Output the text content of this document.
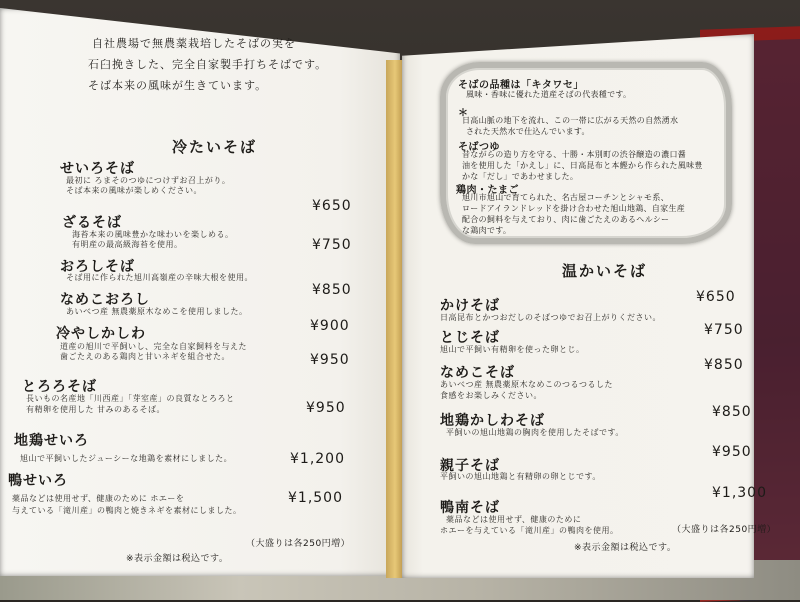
自社農場で無農薬栽培したそばの実を
石臼挽きした、完全自家製手打ちそばです。
そば本来の風味が生きています。
冷たいそば
せいろそば
最初に ろまそのつゆにつけずお召上がり。
そば本来の風味が楽しめください。
¥650
ざるそば
海苔本来の風味豊かな味わいを楽しめる。
有明産の最高級海苔を使用。	¥750
おろしそば
そば用に作られた旭川高嶺産の辛味大根を使用。
¥850
なめこおろし
あいべつ産 無農薬原木なめこを使用しました。
¥900
冷やしかしわ
道産の旭川で平飼いし、完全な自家飼料を与えた
歯ごたえのある鶏肉と甘いネギを組合せた。	¥950
とろろそば
長いもの名産地「川西産」「芽室産」の良質なとろろと
有精卵を使用した 甘みのあるそば。	¥950
地鶏せいろ
旭山で平飼いしたジューシーな地鶏を素材にしました。	¥1,200
鴨せいろ
薬品などは使用せず、健康のために ホエーを
与えている「滝川産」の鴨肉と焼きネギを素材にしました。
¥1,500
（大盛りは各250円増）
※表示金額は税込です。
そばの品種は「キタワセ」
風味・香味に優れた道産そばの代表種です。
＊
日高山脈の地下を流れ、この一帯に広がる天然の自然湧水
された天然水で仕込んでいます。
そばつゆ
昔ながらの造り方を守る、十勝・本別町の渋谷醸造の濃口醤
油を使用した「かえし」に、日高昆布と本鰹から作られた風味豊
かな「だし」であわせました。
鶏肉・たまご
旭川市旭山で育てられた、名古屋コーチンとシャモ系、
ロードアイランドレッドを掛け合わせた旭山地鶏、自家生産
配合の飼料を与えており、肉に歯ごたえのあるヘルシー
な鶏肉です。
温かいそば
かけそば
日高昆布とかつおだしのそばつゆでお召上がりください。
¥650
とじそば
旭山で平飼い有精卵を使った卵とじ。
¥750
なめこそば
あいべつ産 無農薬原木なめこのつるつるした
食感をお楽しみください。
¥850
地鶏かしわそば
平飼いの旭山地鶏の胸肉を使用したそばです。
¥850
親子そば
平飼いの旭山地鶏と有精卵の卵とじです。
¥950
鴨南そば
薬品などは使用せず、健康のために
ホエーを与えている「滝川産」の鴨肉を使用。
¥1,300
（大盛りは各250円増）
※表示金額は税込です。
